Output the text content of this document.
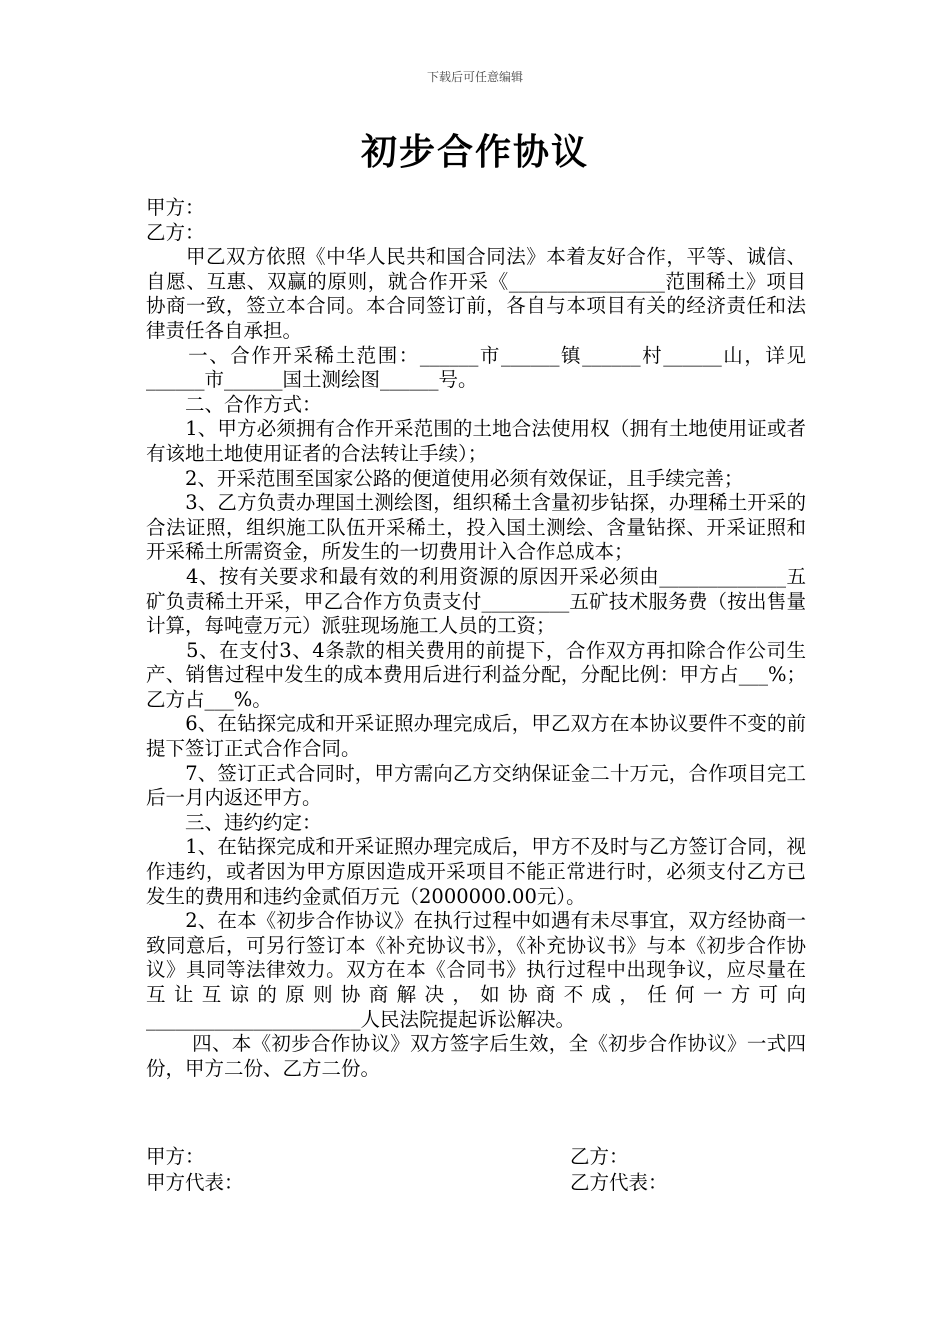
下载后可任意编辑
初步合作协议

甲方：

乙方：

　　甲乙双方依照《中华人民共和国合同法》本着友好合作，平等、诚信、自愿、互惠、双赢的原则，就合作开采《________________范围稀土》项目协商一致，签立本合同。本合同签订前，各自与本项目有关的经济责任和法律责任各自承担。

　　一、合作开采稀土范围：______市______镇______村______山，详见______市______国土测绘图______号。

　　二、合作方式：

　　1、甲方必须拥有合作开采范围的土地合法使用权（拥有土地使用证或者有该地土地使用证者的合法转让手续）；

　　2、开采范围至国家公路的便道使用必须有效保证，且手续完善；

　　3、乙方负责办理国土测绘图，组织稀土含量初步钻探，办理稀土开采的合法证照，组织施工队伍开采稀土，投入国土测绘、含量钻探、开采证照和开采稀土所需资金，所发生的一切费用计入合作总成本；

　　4、按有关要求和最有效的利用资源的原因开采必须由_____________五矿负责稀土开采，甲乙合作方负责支付_________五矿技术服务费（按出售量计算，每吨壹万元）派驻现场施工人员的工资；

　　5、在支付3、4条款的相关费用的前提下，合作双方再扣除合作公司生产、销售过程中发生的成本费用后进行利益分配，分配比例：甲方占___%；乙方占___%。

　　6、在钻探完成和开采证照办理完成后，甲乙双方在本协议要件不变的前提下签订正式合作合同。

　　7、签订正式合同时，甲方需向乙方交纳保证金二十万元，合作项目完工后一月内返还甲方。

　　三、违约约定：

　　1、在钻探完成和开采证照办理完成后，甲方不及时与乙方签订合同，视作违约，或者因为甲方原因造成开采项目不能正常进行时，必须支付乙方已发生的费用和违约金贰佰万元（2000000.00元）。

　　2、在本《初步合作协议》在执行过程中如遇有未尽事宜，双方经协商一致同意后，可另行签订本《补充协议书》，《补充协议书》与本《初步合作协议》具同等法律效力。双方在本《合同书》执行过程中出现争议，应尽量在互让互谅的原则协商解决，如协商不成，任何一方可向______________________人民法院提起诉讼解决。

　　 四、本《初步合作协议》双方签字后生效，全《初步合作协议》一式四份，甲方二份、乙方二份。

甲方：	乙方：
甲方代表：	乙方代表：
